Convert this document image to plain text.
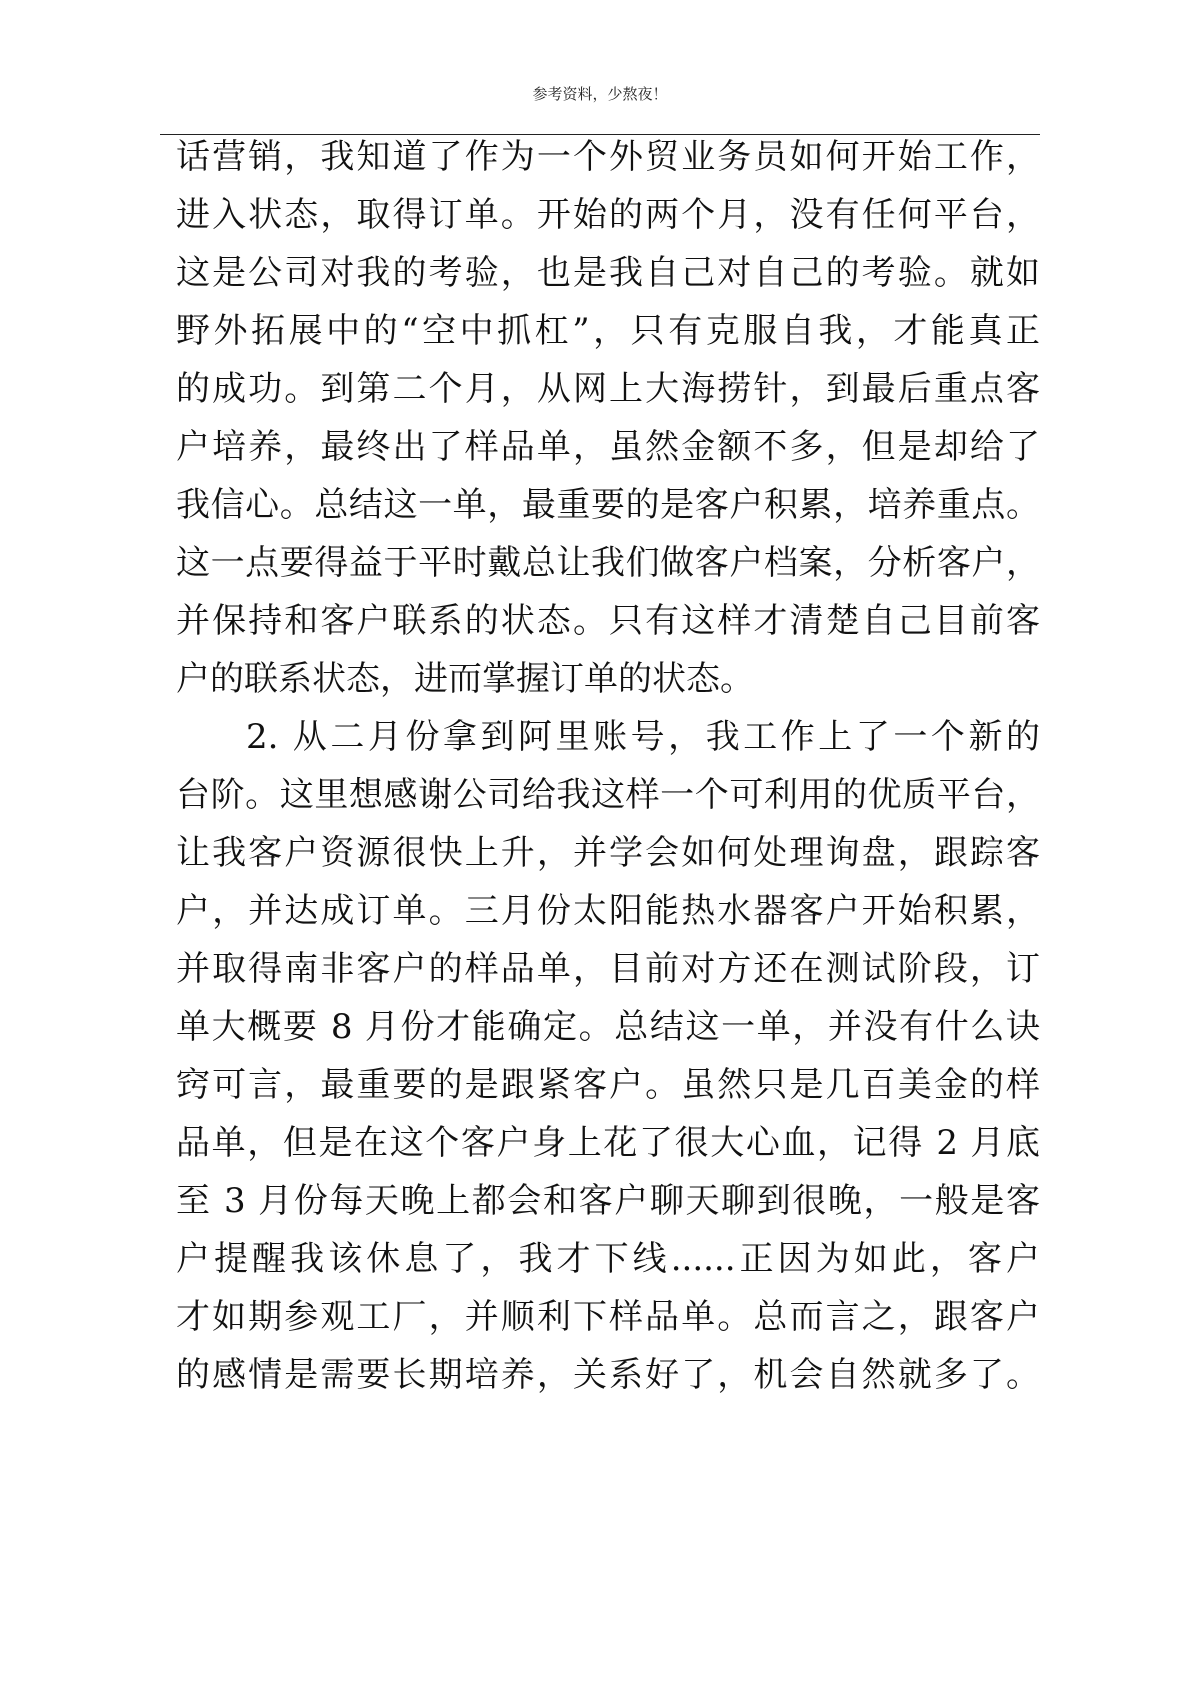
参考资料，少熬夜！
话营销，我知道了作为一个外贸业务员如何开始工作，
进入状态，取得订单。开始的两个月，没有任何平台，
这是公司对我的考验，也是我自己对自己的考验。就如
野外拓展中的“空中抓杠”，只有克服自我，才能真正
的成功。到第二个月，从网上大海捞针，到最后重点客
户培养，最终出了样品单，虽然金额不多，但是却给了
我信心。总结这一单，最重要的是客户积累，培养重点。
这一点要得益于平时戴总让我们做客户档案，分析客户，
并保持和客户联系的状态。只有这样才清楚自己目前客
户的联系状态，进而掌握订单的状态。
2. 从二月份拿到阿里账号，我工作上了一个新的
台阶。这里想感谢公司给我这样一个可利用的优质平台，
让我客户资源很快上升，并学会如何处理询盘，跟踪客
户，并达成订单。三月份太阳能热水器客户开始积累，
并取得南非客户的样品单，目前对方还在测试阶段，订
单大概要 8 月份才能确定。总结这一单，并没有什么诀
窍可言，最重要的是跟紧客户。虽然只是几百美金的样
品单，但是在这个客户身上花了很大心血，记得 2 月底
至 3 月份每天晚上都会和客户聊天聊到很晚，一般是客
户提醒我该休息了，我才下线......正因为如此，客户
才如期参观工厂，并顺利下样品单。总而言之，跟客户
的感情是需要长期培养，关系好了，机会自然就多了。
